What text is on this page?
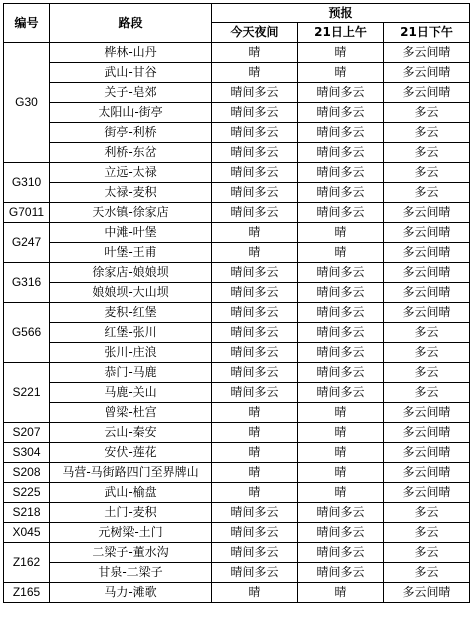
编号	路段	预报		
		今天夜间	21日上午	21日下午
G30	桦林-山丹	晴	晴	多云间晴
	武山-甘谷	晴	晴	多云间晴
	关子-皂郊	晴间多云	晴间多云	多云间晴
	太阳山-街亭	晴间多云	晴间多云	多云
	街亭-利桥	晴间多云	晴间多云	多云
	利桥-东岔	晴间多云	晴间多云	多云
G310	立远-太禄	晴间多云	晴间多云	多云
	太禄-麦积	晴间多云	晴间多云	多云
G7011	天水镇-徐家店	晴间多云	晴间多云	多云间晴
G247	中滩-叶堡	晴	晴	多云间晴
	叶堡-王甫	晴	晴	多云间晴
G316	徐家店-娘娘坝	晴间多云	晴间多云	多云间晴
	娘娘坝-大山坝	晴间多云	晴间多云	多云间晴
G566	麦积-红堡	晴间多云	晴间多云	多云间晴
	红堡-张川	晴间多云	晴间多云	多云
	张川-庄浪	晴间多云	晴间多云	多云
S221	恭门-马鹿	晴间多云	晴间多云	多云
	马鹿-关山	晴间多云	晴间多云	多云
	曾梁-杜宫	晴	晴	多云间晴
S207	云山-秦安	晴	晴	多云间晴
S304	安伏-莲花	晴	晴	多云间晴
S208	马营-马街路四门至界牌山	晴	晴	多云间晴
S225	武山-榆盘	晴	晴	多云间晴
S218	土门-麦积	晴间多云	晴间多云	多云
X045	元树梁-土门	晴间多云	晴间多云	多云
Z162	二梁子-董水沟	晴间多云	晴间多云	多云
	甘泉-二梁子	晴间多云	晴间多云	多云
Z165	马力-滩歌	晴	晴	多云间晴
